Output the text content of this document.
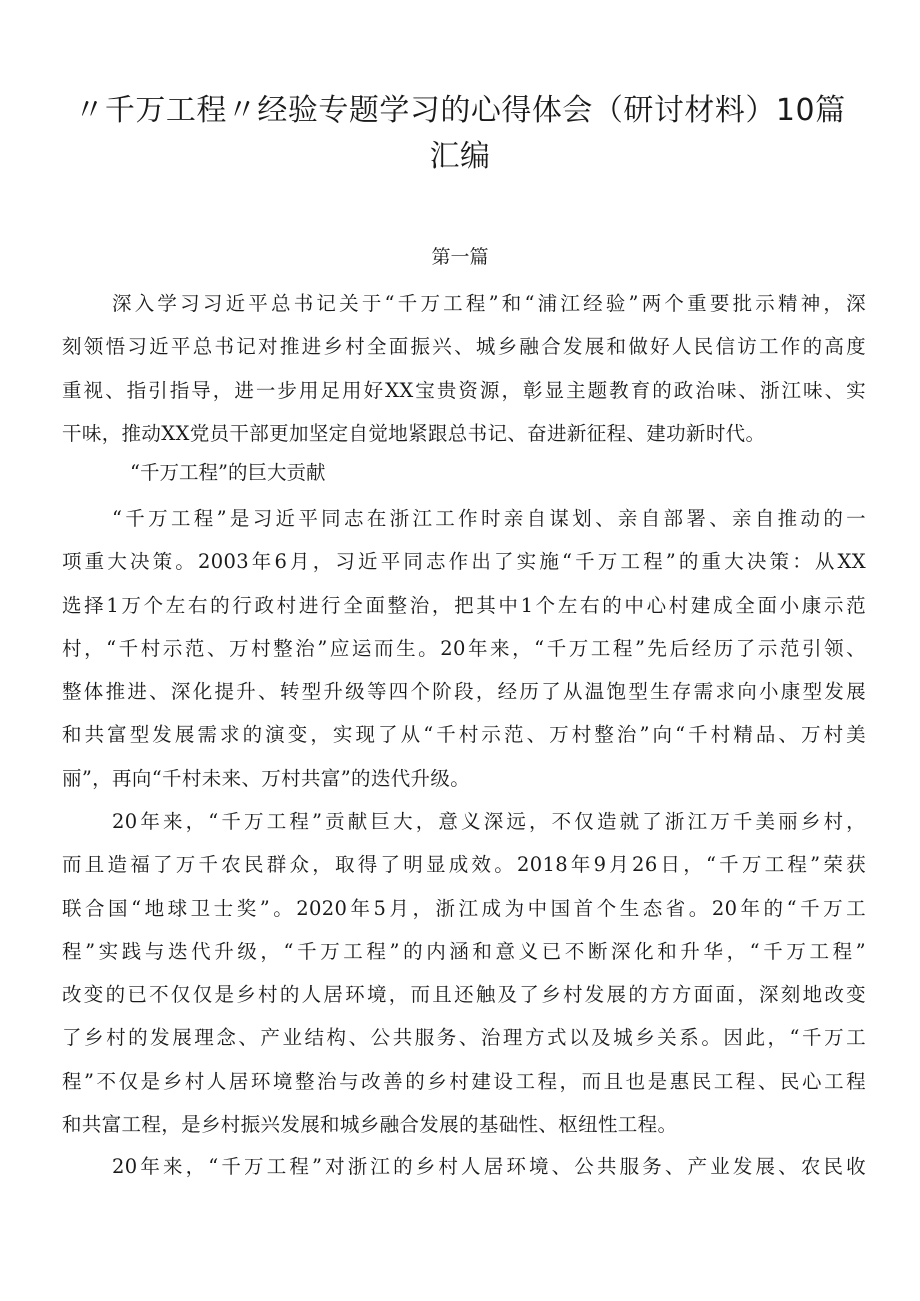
〃千万工程〃经验专题学习的心得体会（研讨材料）10篇
汇编

第一篇

深入学习习近平总书记关于“千万工程”和“浦江经验”两个重要批示精神，深
刻领悟习近平总书记对推进乡村全面振兴、城乡融合发展和做好人民信访工作的高度
重视、指引指导，进一步用足用好XX宝贵资源，彰显主题教育的政治味、浙江味、实
干味，推动XX党员干部更加坚定自觉地紧跟总书记、奋进新征程、建功新时代。

“千万工程”的巨大贡献

“千万工程”是习近平同志在浙江工作时亲自谋划、亲自部署、亲自推动的一
项重大决策。2003年6月，习近平同志作出了实施“千万工程”的重大决策：从XX
选择1万个左右的行政村进行全面整治，把其中1个左右的中心村建成全面小康示范
村，“千村示范、万村整治”应运而生。20年来，“千万工程”先后经历了示范引领、
整体推进、深化提升、转型升级等四个阶段，经历了从温饱型生存需求向小康型发展
和共富型发展需求的演变，实现了从“千村示范、万村整治”向“千村精品、万村美
丽”，再向“千村未来、万村共富”的迭代升级。
20年来，“千万工程”贡献巨大，意义深远，不仅造就了浙江万千美丽乡村，
而且造福了万千农民群众，取得了明显成效。2018年9月26日，“千万工程”荣获
联合国“地球卫士奖”。2020年5月，浙江成为中国首个生态省。20年的“千万工
程”实践与迭代升级，“千万工程”的内涵和意义已不断深化和升华，“千万工程”
改变的已不仅仅是乡村的人居环境，而且还触及了乡村发展的方方面面，深刻地改变
了乡村的发展理念、产业结构、公共服务、治理方式以及城乡关系。因此，“千万工
程”不仅是乡村人居环境整治与改善的乡村建设工程，而且也是惠民工程、民心工程
和共富工程，是乡村振兴发展和城乡融合发展的基础性、枢纽性工程。
20年来，“千万工程”对浙江的乡村人居环境、公共服务、产业发展、农民收
